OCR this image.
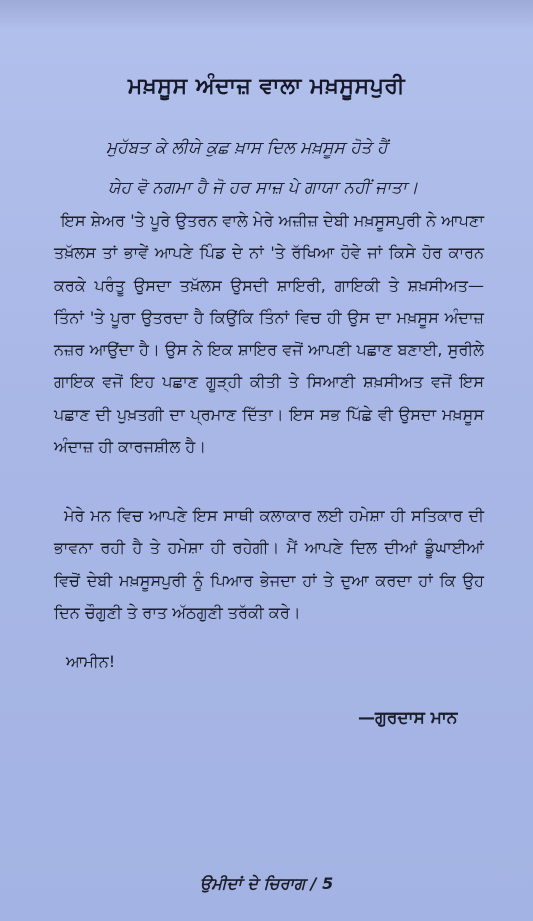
ਮਖ਼ਸੂਸ ਅੰਦਾਜ਼ ਵਾਲਾ ਮਖ਼ਸੂਸਪੁਰੀ
ਮੁਹੱਬਤ ਕੇ ਲੀਯੇ ਕੁਛ ਖ਼ਾਸ ਦਿਲ ਮਖ਼ਸੂਸ ਹੋਤੇ ਹੈਂ
ਯੇਹ ਵੋ ਨਗਮਾ ਹੈ ਜੋ ਹਰ ਸਾਜ਼ ਪੇ ਗਾਯਾ ਨਹੀਂ ਜਾਤਾ।
ਇਸ ਸ਼ੇਅਰ 'ਤੇ ਪੂਰੇ ਉਤਰਨ ਵਾਲੇ ਮੇਰੇ ਅਜ਼ੀਜ਼ ਦੇਬੀ ਮਖ਼ਸੂਸਪੁਰੀ ਨੇ ਆਪਣਾ ਤਖ਼ੱਲਸ ਤਾਂ ਭਾਵੇਂ ਆਪਣੇ ਪਿੰਡ ਦੇ ਨਾਂ 'ਤੇ ਰੱਖਿਆ ਹੋਵੇ ਜਾਂ ਕਿਸੇ ਹੋਰ ਕਾਰਨ ਕਰਕੇ ਪਰੰਤੂ ਉਸਦਾ ਤਖ਼ੱਲਸ ਉਸਦੀ ਸ਼ਾਇਰੀ, ਗਾਇਕੀ ਤੇ ਸ਼ਖ਼ਸੀਅਤ—ਤਿੰਨਾਂ 'ਤੇ ਪੂਰਾ ਉਤਰਦਾ ਹੈ ਕਿਉਂਕਿ ਤਿੰਨਾਂ ਵਿਚ ਹੀ ਉਸ ਦਾ ਮਖ਼ਸੂਸ ਅੰਦਾਜ਼ ਨਜ਼ਰ ਆਉਂਦਾ ਹੈ। ਉਸ ਨੇ ਇਕ ਸ਼ਾਇਰ ਵਜੋਂ ਆਪਣੀ ਪਛਾਣ ਬਣਾਈ, ਸੁਰੀਲੇ ਗਾਇਕ ਵਜੋਂ ਇਹ ਪਛਾਣ ਗੂੜ੍ਹੀ ਕੀਤੀ ਤੇ ਸਿਆਣੀ ਸ਼ਖ਼ਸੀਅਤ ਵਜੋਂ ਇਸ ਪਛਾਣ ਦੀ ਪੁਖ਼ਤਗੀ ਦਾ ਪ੍ਰਮਾਣ ਦਿੱਤਾ। ਇਸ ਸਭ ਪਿੱਛੇ ਵੀ ਉਸਦਾ ਮਖ਼ਸੂਸ ਅੰਦਾਜ਼ ਹੀ ਕਾਰਜਸ਼ੀਲ ਹੈ।
ਮੇਰੇ ਮਨ ਵਿਚ ਆਪਣੇ ਇਸ ਸਾਥੀ ਕਲਾਕਾਰ ਲਈ ਹਮੇਸ਼ਾ ਹੀ ਸਤਿਕਾਰ ਦੀ ਭਾਵਨਾ ਰਹੀ ਹੈ ਤੇ ਹਮੇਸ਼ਾ ਹੀ ਰਹੇਗੀ। ਮੈਂ ਆਪਣੇ ਦਿਲ ਦੀਆਂ ਡੂੰਘਾਈਆਂ ਵਿਚੋਂ ਦੇਬੀ ਮਖ਼ਸੂਸਪੁਰੀ ਨੂੰ ਪਿਆਰ ਭੇਜਦਾ ਹਾਂ ਤੇ ਦੁਆ ਕਰਦਾ ਹਾਂ ਕਿ ਉਹ ਦਿਨ ਚੌਗੁਣੀ ਤੇ ਰਾਤ ਅੱਠਗੁਣੀ ਤਰੱਕੀ ਕਰੇ।
ਆਮੀਨ!
—ਗੁਰਦਾਸ ਮਾਨ
ਉਮੀਦਾਂ ਦੇ ਚਿਰਾਗ / 5
